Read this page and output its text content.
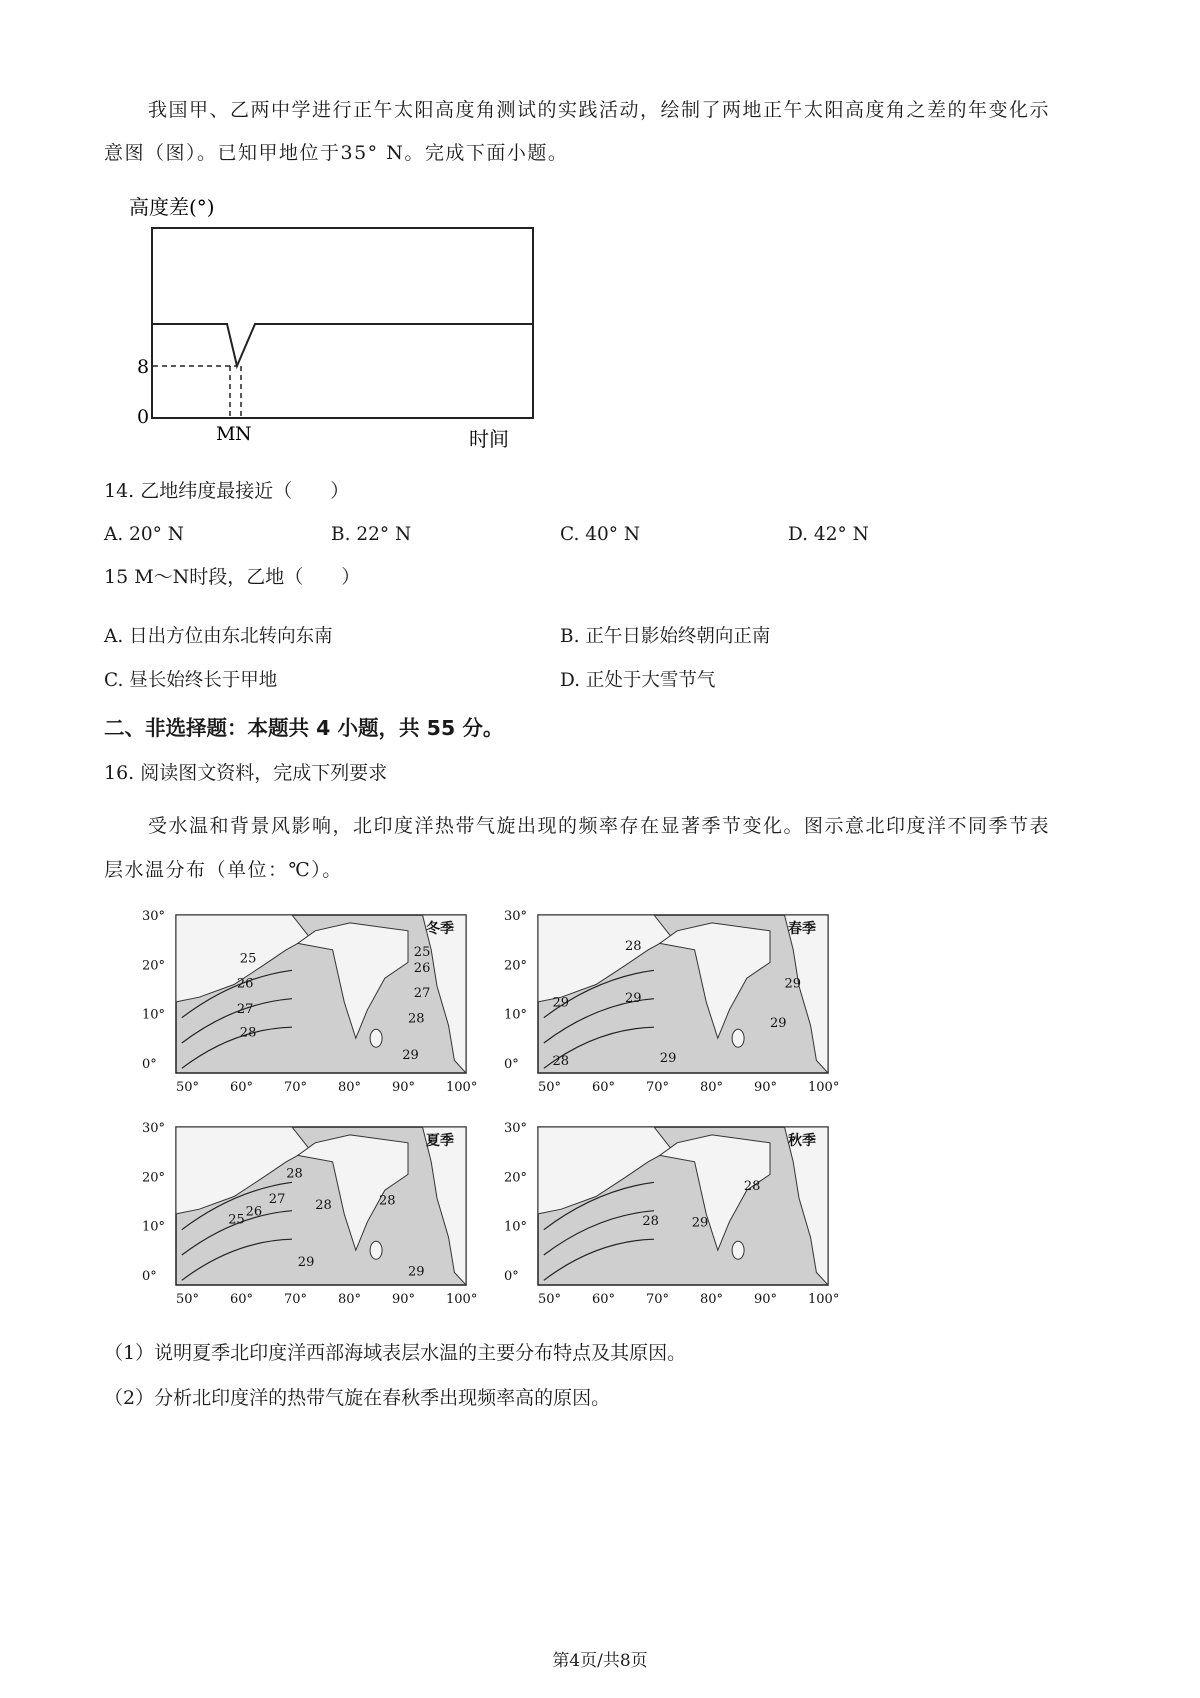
我国甲、乙两中学进行正午太阳高度角测试的实践活动，绘制了两地正午太阳高度角之差的年变化示
意图（图）。已知甲地位于35° N。完成下面小题。
高度差(°)
8
0
M N	时间
14. 乙地纬度最接近（　　）
A. 20° N	B. 22° N	C. 40° N	D. 42° N
15 M～N时段，乙地（　　）
A. 日出方位由东北转向东南	B. 正午日影始终朝向正南
C. 昼长始终长于甲地	D. 正处于大雪节气
二、非选择题：本题共 4 小题，共 55 分。
16. 阅读图文资料，完成下列要求
受水温和背景风影响，北印度洋热带气旋出现的频率存在显著季节变化。图示意北印度洋不同季节表
层水温分布（单位：℃）。
冬季
25
26
27
28
25
26
27
28
29
30°
20°
10°
0°
50° 60° 70° 80° 90° 100°
春季
28
29
29
29
28
29
29
30°
20°
10°
0°
50° 60° 70° 80° 90° 100°
夏季
28
27
26
25
28	28
29
29
30°
20°
10°
0°
50° 60° 70° 80° 90° 100°
秋季
28
28	29
30°
20°
10°
0°
50° 60° 70° 80° 90° 100°
（1）说明夏季北印度洋西部海域表层水温的主要分布特点及其原因。
（2）分析北印度洋的热带气旋在春秋季出现频率高的原因。
第4页/共8页
